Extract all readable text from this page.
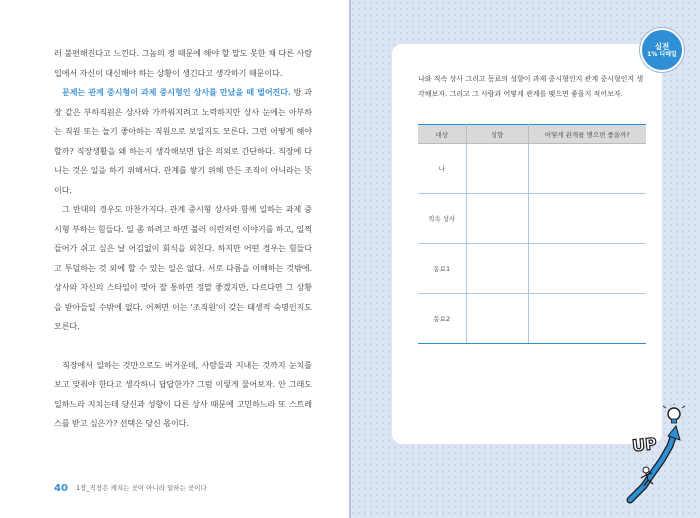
러 불편해진다고 느낀다. 그놈의 정 때문에 해야 할 말도 못한 채 다른 사람 입에서 자신이 대신해야 하는 상황이 생긴다고 생각하기 때문이다.

문제는 관계 중시형이 과제 중시형인 상사를 만났을 때 벌어진다. 방 과장 같은 부하직원은 상사와 가까워지려고 노력하지만 상사 눈에는 아부하는 직원 또는 놀기 좋아하는 직원으로 보일지도 모른다. 그런 어떻게 해야 할까? 직장생활을 왜 하는지 생각해보면 답은 의외로 간단하다. 직장에 다니는 것은 일을 하기 위해서다. 관계를 쌓기 위해 만든 조직이 아니라는 뜻이다.

그 반대의 경우도 마찬가지다. 관계 중시형 상사와 함께 일하는 과제 중시형 부하는 힘들다. 일 좀 하려고 하면 불러 이런저런 이야기를 하고, 일찍 들어가 쉬고 싶은 날 어김없이 회식을 외친다. 하지만 어떤 경우는 힘들다고 투덜하는 것 외에 할 수 있는 일은 없다. 서로 다름을 이해하는 것밖에. 상사와 자신의 스타일이 맞아 잘 통하면 정말 좋겠지만, 다르다면 그 상황을 받아들일 수밖에 없다. 어쩌면 이는 '조직원'이 갖는 태생적 숙명인지도 모른다.

직장에서 일하는 것만으로도 버거운데, 사람들과 지내는 것까지 눈치를 보고 맞춰야 한다고 생각하니 답답한가? 그럼 이렇게 물어보자. 안 그래도 일하느라 지치는데 당신과 성향이 다른 상사 때문에 고민하느라 또 스트레스를 받고 싶은가? 선택은 당신 몫이다.

40 1장_직장은 캐치는 곳이 아니라 일하는 곳이다
실전
1% 디테일
나와 직속 상사 그리고 동료의 성향이 과제 중시형인지 관계 중시형인지 생각해보자. 그리고 그 사람과 어떻게 관계를 맺으면 좋을지 적어보자.
대상	성향	어떻게 관계를 맺으면 좋을까?
나		
직속 상사		
동료1		
동료2		
UP
